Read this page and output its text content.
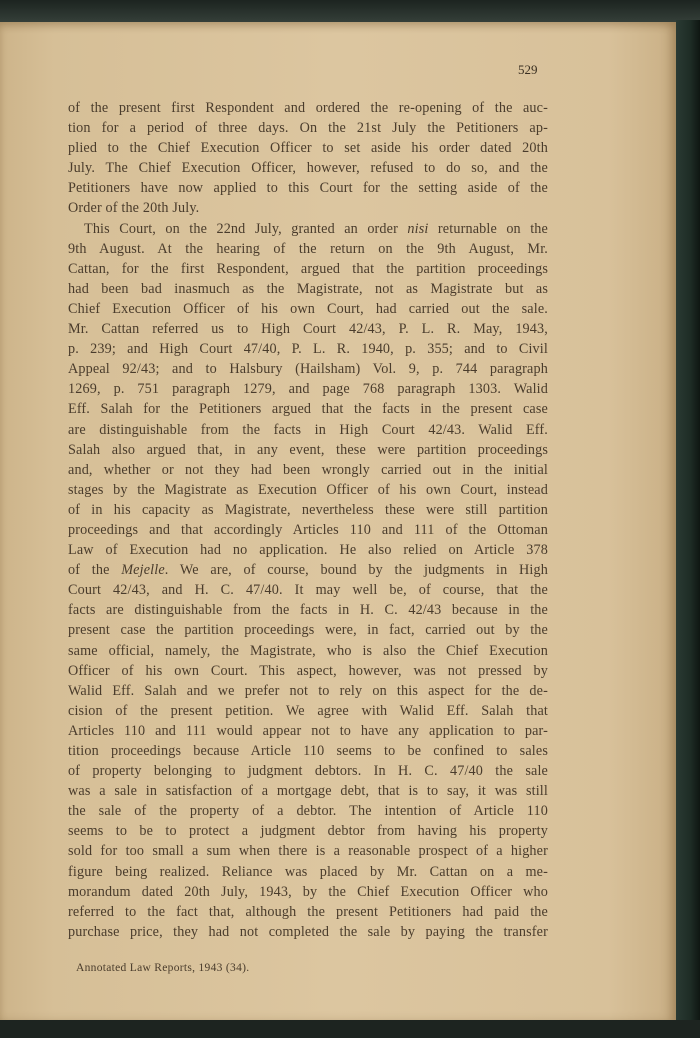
529
of the present first Respondent and ordered the re-opening of the auc-
tion for a period of three days. On the 21st July the Petitioners ap-
plied to the Chief Execution Officer to set aside his order dated 20th
July. The Chief Execution Officer, however, refused to do so, and the
Petitioners have now applied to this Court for the setting aside of the
Order of the 20th July.
This Court, on the 22nd July, granted an order nisi returnable on the
9th August. At the hearing of the return on the 9th August, Mr.
Cattan, for the first Respondent, argued that the partition proceedings
had been bad inasmuch as the Magistrate, not as Magistrate but as
Chief Execution Officer of his own Court, had carried out the sale.
Mr. Cattan referred us to High Court 42/43, P. L. R. May, 1943,
p. 239; and High Court 47/40, P. L. R. 1940, p. 355; and to Civil
Appeal 92/43; and to Halsbury (Hailsham) Vol. 9, p. 744 paragraph
1269, p. 751 paragraph 1279, and page 768 paragraph 1303. Walid
Eff. Salah for the Petitioners argued that the facts in the present case
are distinguishable from the facts in High Court 42/43. Walid Eff.
Salah also argued that, in any event, these were partition proceedings
and, whether or not they had been wrongly carried out in the initial
stages by the Magistrate as Execution Officer of his own Court, instead
of in his capacity as Magistrate, nevertheless these were still partition
proceedings and that accordingly Articles 110 and 111 of the Ottoman
Law of Execution had no application. He also relied on Article 378
of the Mejelle. We are, of course, bound by the judgments in High
Court 42/43, and H. C. 47/40. It may well be, of course, that the
facts are distinguishable from the facts in H. C. 42/43 because in the
present case the partition proceedings were, in fact, carried out by the
same official, namely, the Magistrate, who is also the Chief Execution
Officer of his own Court. This aspect, however, was not pressed by
Walid Eff. Salah and we prefer not to rely on this aspect for the de-
cision of the present petition. We agree with Walid Eff. Salah that
Articles 110 and 111 would appear not to have any application to par-
tition proceedings because Article 110 seems to be confined to sales
of property belonging to judgment debtors. In H. C. 47/40 the sale
was a sale in satisfaction of a mortgage debt, that is to say, it was still
the sale of the property of a debtor. The intention of Article 110
seems to be to protect a judgment debtor from having his property
sold for too small a sum when there is a reasonable prospect of a higher
figure being realized. Reliance was placed by Mr. Cattan on a me-
morandum dated 20th July, 1943, by the Chief Execution Officer who
referred to the fact that, although the present Petitioners had paid the
purchase price, they had not completed the sale by paying the transfer
Annotated Law Reports, 1943 (34).
